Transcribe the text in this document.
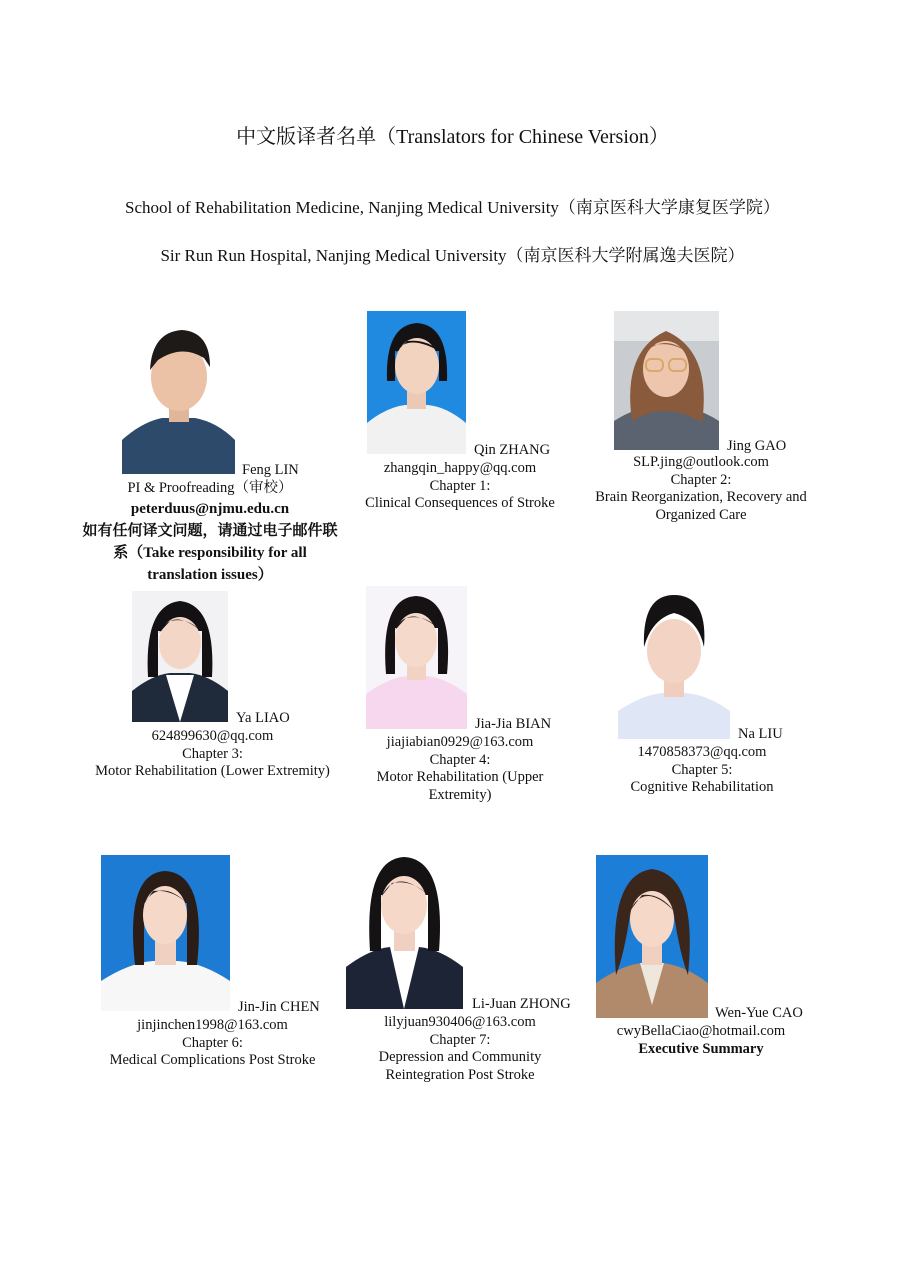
中文版译者名单（Translators for Chinese Version）
School of Rehabilitation Medicine, Nanjing Medical University（南京医科大学康复医学院）
Sir Run Run Hospital, Nanjing Medical University（南京医科大学附属逸夫医院）
Feng LIN
PI & Proofreading（审校）
peterduus@njmu.edu.cn
如有任何译文问题，请通过电子邮件联系（Take responsibility for all translation issues）
Qin ZHANG
zhangqin_happy@qq.com
Chapter 1:
Clinical Consequences of Stroke
Jing GAO
SLP.jing@outlook.com
Chapter 2:
Brain Reorganization, Recovery and Organized Care
Ya LIAO
624899630@qq.com
Chapter 3:
Motor Rehabilitation (Lower Extremity)
Jia-Jia BIAN
jiajiabian0929@163.com
Chapter 4:
Motor Rehabilitation (Upper Extremity)
Na LIU
1470858373@qq.com
Chapter 5:
Cognitive Rehabilitation
Jin-Jin CHEN
jinjinchen1998@163.com
Chapter 6:
Medical Complications Post Stroke
Li-Juan ZHONG
lilyjuan930406@163.com
Chapter 7:
Depression and Community Reintegration Post Stroke
Wen-Yue CAO
cwyBellaCiao@hotmail.com
Executive Summary
